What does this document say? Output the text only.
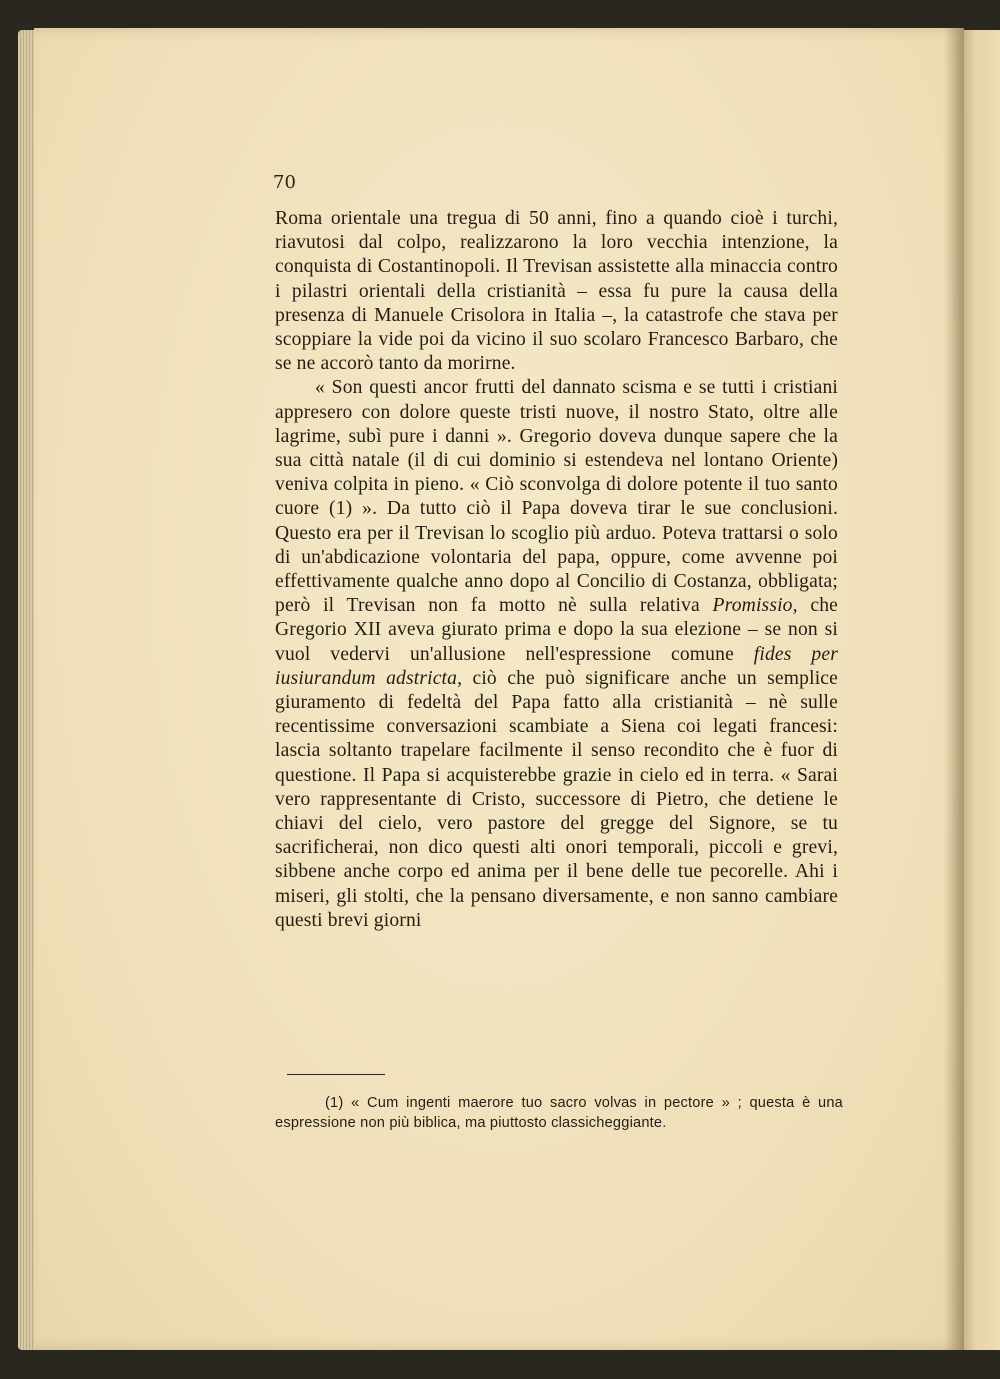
70

Roma orientale una tregua di 50 anni, fino a quando cioè i turchi, riavutosi dal colpo, realizzarono la loro vecchia intenzione, la conquista di Costantinopoli. Il Trevisan assistette alla minaccia contro i pilastri orientali della cristianità – essa fu pure la causa della presenza di Manuele Crisolora in Italia –, la catastrofe che stava per scoppiare la vide poi da vicino il suo scolaro Francesco Barbaro, che se ne accorò tanto da morirne.

« Son questi ancor frutti del dannato scisma e se tutti i cristiani appresero con dolore queste tristi nuove, il nostro Stato, oltre alle lagrime, subì pure i danni ». Gregorio doveva dunque sapere che la sua città natale (il di cui dominio si estendeva nel lontano Oriente) veniva colpita in pieno. « Ciò sconvolga di dolore potente il tuo santo cuore (1) ». Da tutto ciò il Papa doveva tirar le sue conclusioni. Questo era per il Trevisan lo scoglio più arduo. Poteva trattarsi o solo di un'abdicazione volontaria del papa, oppure, come avvenne poi effettivamente qualche anno dopo al Concilio di Costanza, obbligata; però il Trevisan non fa motto nè sulla relativa Promissio, che Gregorio XII aveva giurato prima e dopo la sua elezione – se non si vuol vedervi un'allusione nell'espressione comune fides per iusiurandum adstricta, ciò che può significare anche un semplice giuramento di fedeltà del Papa fatto alla cristianità – nè sulle recentissime conversazioni scambiate a Siena coi legati francesi: lascia soltanto trapelare facilmente il senso recondito che è fuor di questione. Il Papa si acquisterebbe grazie in cielo ed in terra. « Sarai vero rappresentante di Cristo, successore di Pietro, che detiene le chiavi del cielo, vero pastore del gregge del Signore, se tu sacrificherai, non dico questi alti onori temporali, piccoli e grevi, sibbene anche corpo ed anima per il bene delle tue pecorelle. Ahi i miseri, gli stolti, che la pensano diversamente, e non sanno cambiare questi brevi giorni

(1) « Cum ingenti maerore tuo sacro volvas in pectore » ; questa è una espressione non più biblica, ma piuttosto classicheggiante.
